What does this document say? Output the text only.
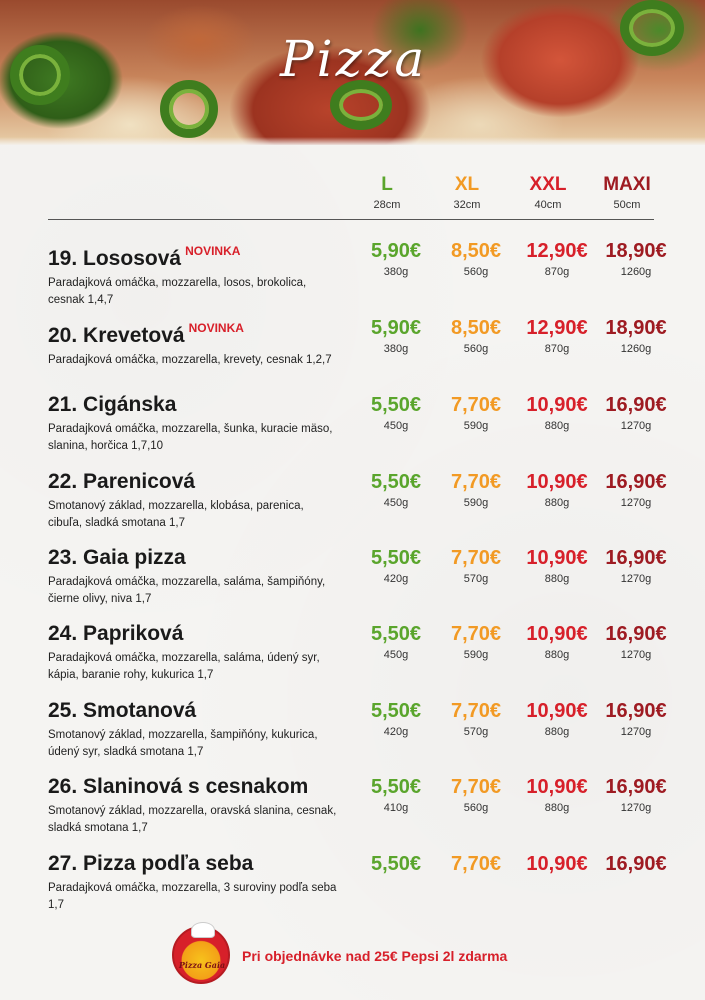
Pizza
L
28cm
XL
32cm
XXL
40cm
MAXI
50cm
19. Lososová $^{NOVINKA}$
Paradajková omáčka, mozzarella, losos, brokolica, cesnak 1,4,7
5,90€
380g
8,50€
560g
12,90€
870g
18,90€
1260g
20. Krevetová $^{NOVINKA}$
Paradajková omáčka, mozzarella, krevety, cesnak 1,2,7
5,90€
380g
8,50€
560g
12,90€
870g
18,90€
1260g
21. Cigánska
Paradajková omáčka, mozzarella, šunka, kuracie mäso, slanina, horčica 1,7,10
5,50€
450g
7,70€
590g
10,90€
880g
16,90€
1270g
22. Parenicová
Smotanový základ, mozzarella, klobása, parenica, cibuľa, sladká smotana 1,7
5,50€
450g
7,70€
590g
10,90€
880g
16,90€
1270g
23. Gaia pizza
Paradajková omáčka, mozzarella, saláma, šampiňóny, čierne olivy, niva 1,7
5,50€
420g
7,70€
570g
10,90€
880g
16,90€
1270g
24. Papriková
Paradajková omáčka, mozzarella, saláma, údený syr, kápia, baranie rohy, kukurica 1,7
5,50€
450g
7,70€
590g
10,90€
880g
16,90€
1270g
25. Smotanová
Smotanový základ, mozzarella, šampiňóny, kukurica, údený syr, sladká smotana 1,7
5,50€
420g
7,70€
570g
10,90€
880g
16,90€
1270g
26. Slaninová s cesnakom
Smotanový základ, mozzarella, oravská slanina, cesnak, sladká smotana 1,7
5,50€
410g
7,70€
560g
10,90€
880g
16,90€
1270g
27. Pizza podľa seba
Paradajková omáčka, mozzarella, 3 suroviny podľa seba 1,7
5,50€	7,70€	10,90€ 16,90€
Pizza Gaia
Pri objednávke nad 25€ Pepsi 2l zdarma
